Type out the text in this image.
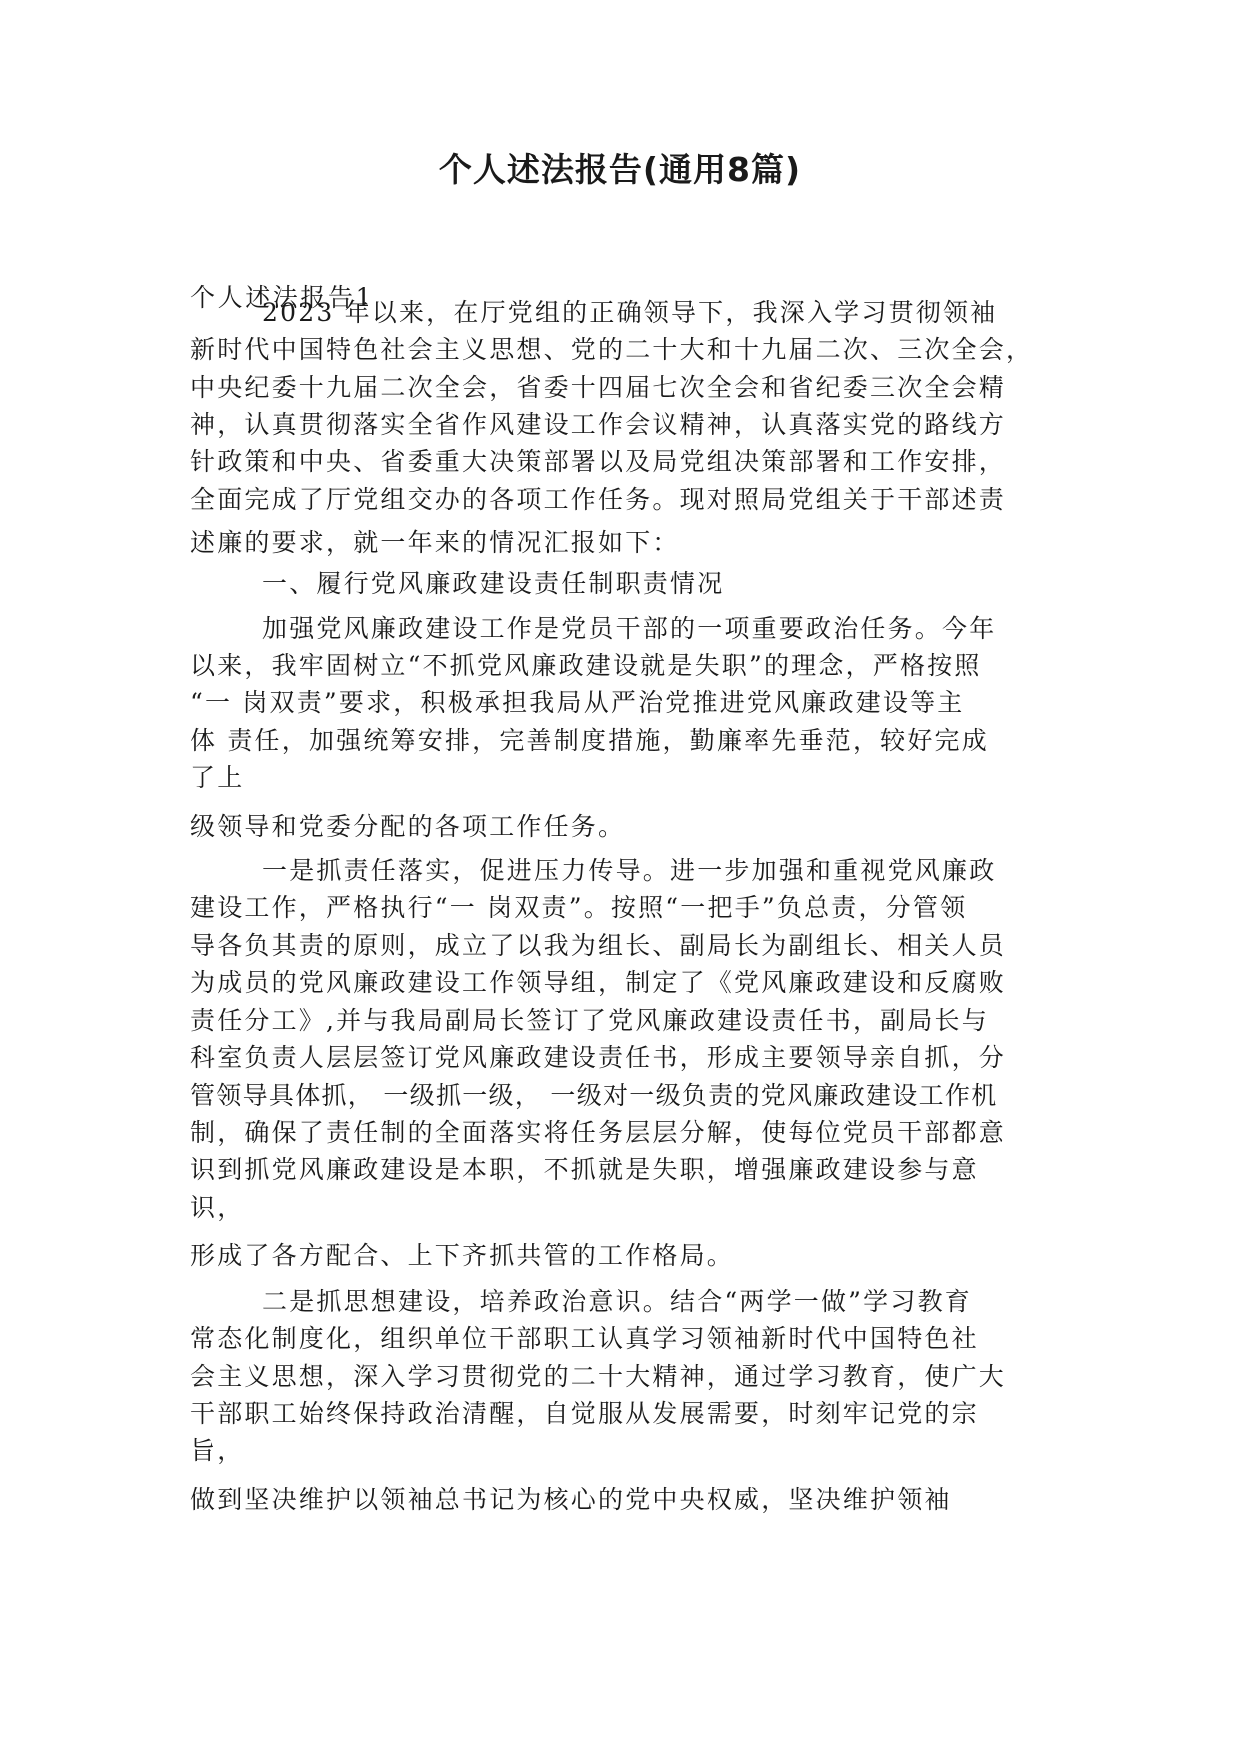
个人述法报告(通用8篇)

个人述法报告1

2023 年以来，在厅党组的正确领导下，我深入学习贯彻领袖

新时代中国特色社会主义思想、党的二十大和十九届二次、三次全会，

中央纪委十九届二次全会，省委十四届七次全会和省纪委三次全会精

神，认真贯彻落实全省作风建设工作会议精神，认真落实党的路线方

针政策和中央、省委重大决策部署以及局党组决策部署和工作安排，

全面完成了厅党组交办的各项工作任务。现对照局党组关于干部述责

述廉的要求，就一年来的情况汇报如下：

一、履行党风廉政建设责任制职责情况

加强党风廉政建设工作是党员干部的一项重要政治任务。今年

以来，我牢固树立“不抓党风廉政建设就是失职”的理念，严格按照

“一 岗双责”要求，积极承担我局从严治党推进党风廉政建设等主

体 责任，加强统筹安排，完善制度措施，勤廉率先垂范，较好完成

了上

级领导和党委分配的各项工作任务。

一是抓责任落实，促进压力传导。进一步加强和重视党风廉政

建设工作，严格执行“一 岗双责”。按照“一把手”负总责，分管领

导各负其责的原则，成立了以我为组长、副局长为副组长、相关人员

为成员的党风廉政建设工作领导组，制定了《党风廉政建设和反腐败

责任分工》,并与我局副局长签订了党风廉政建设责任书，副局长与

科室负责人层层签订党风廉政建设责任书，形成主要领导亲自抓，分

管领导具体抓， 一级抓一级， 一级对一级负责的党风廉政建设工作机

制，确保了责任制的全面落实将任务层层分解，使每位党员干部都意

识到抓党风廉政建设是本职，不抓就是失职，增强廉政建设参与意

识，

形成了各方配合、上下齐抓共管的工作格局。

二是抓思想建设，培养政治意识。结合“两学一做”学习教育

常态化制度化，组织单位干部职工认真学习领袖新时代中国特色社

会主义思想，深入学习贯彻党的二十大精神，通过学习教育，使广大

干部职工始终保持政治清醒，自觉服从发展需要，时刻牢记党的宗

旨，

做到坚决维护以领袖总书记为核心的党中央权威，坚决维护领袖
